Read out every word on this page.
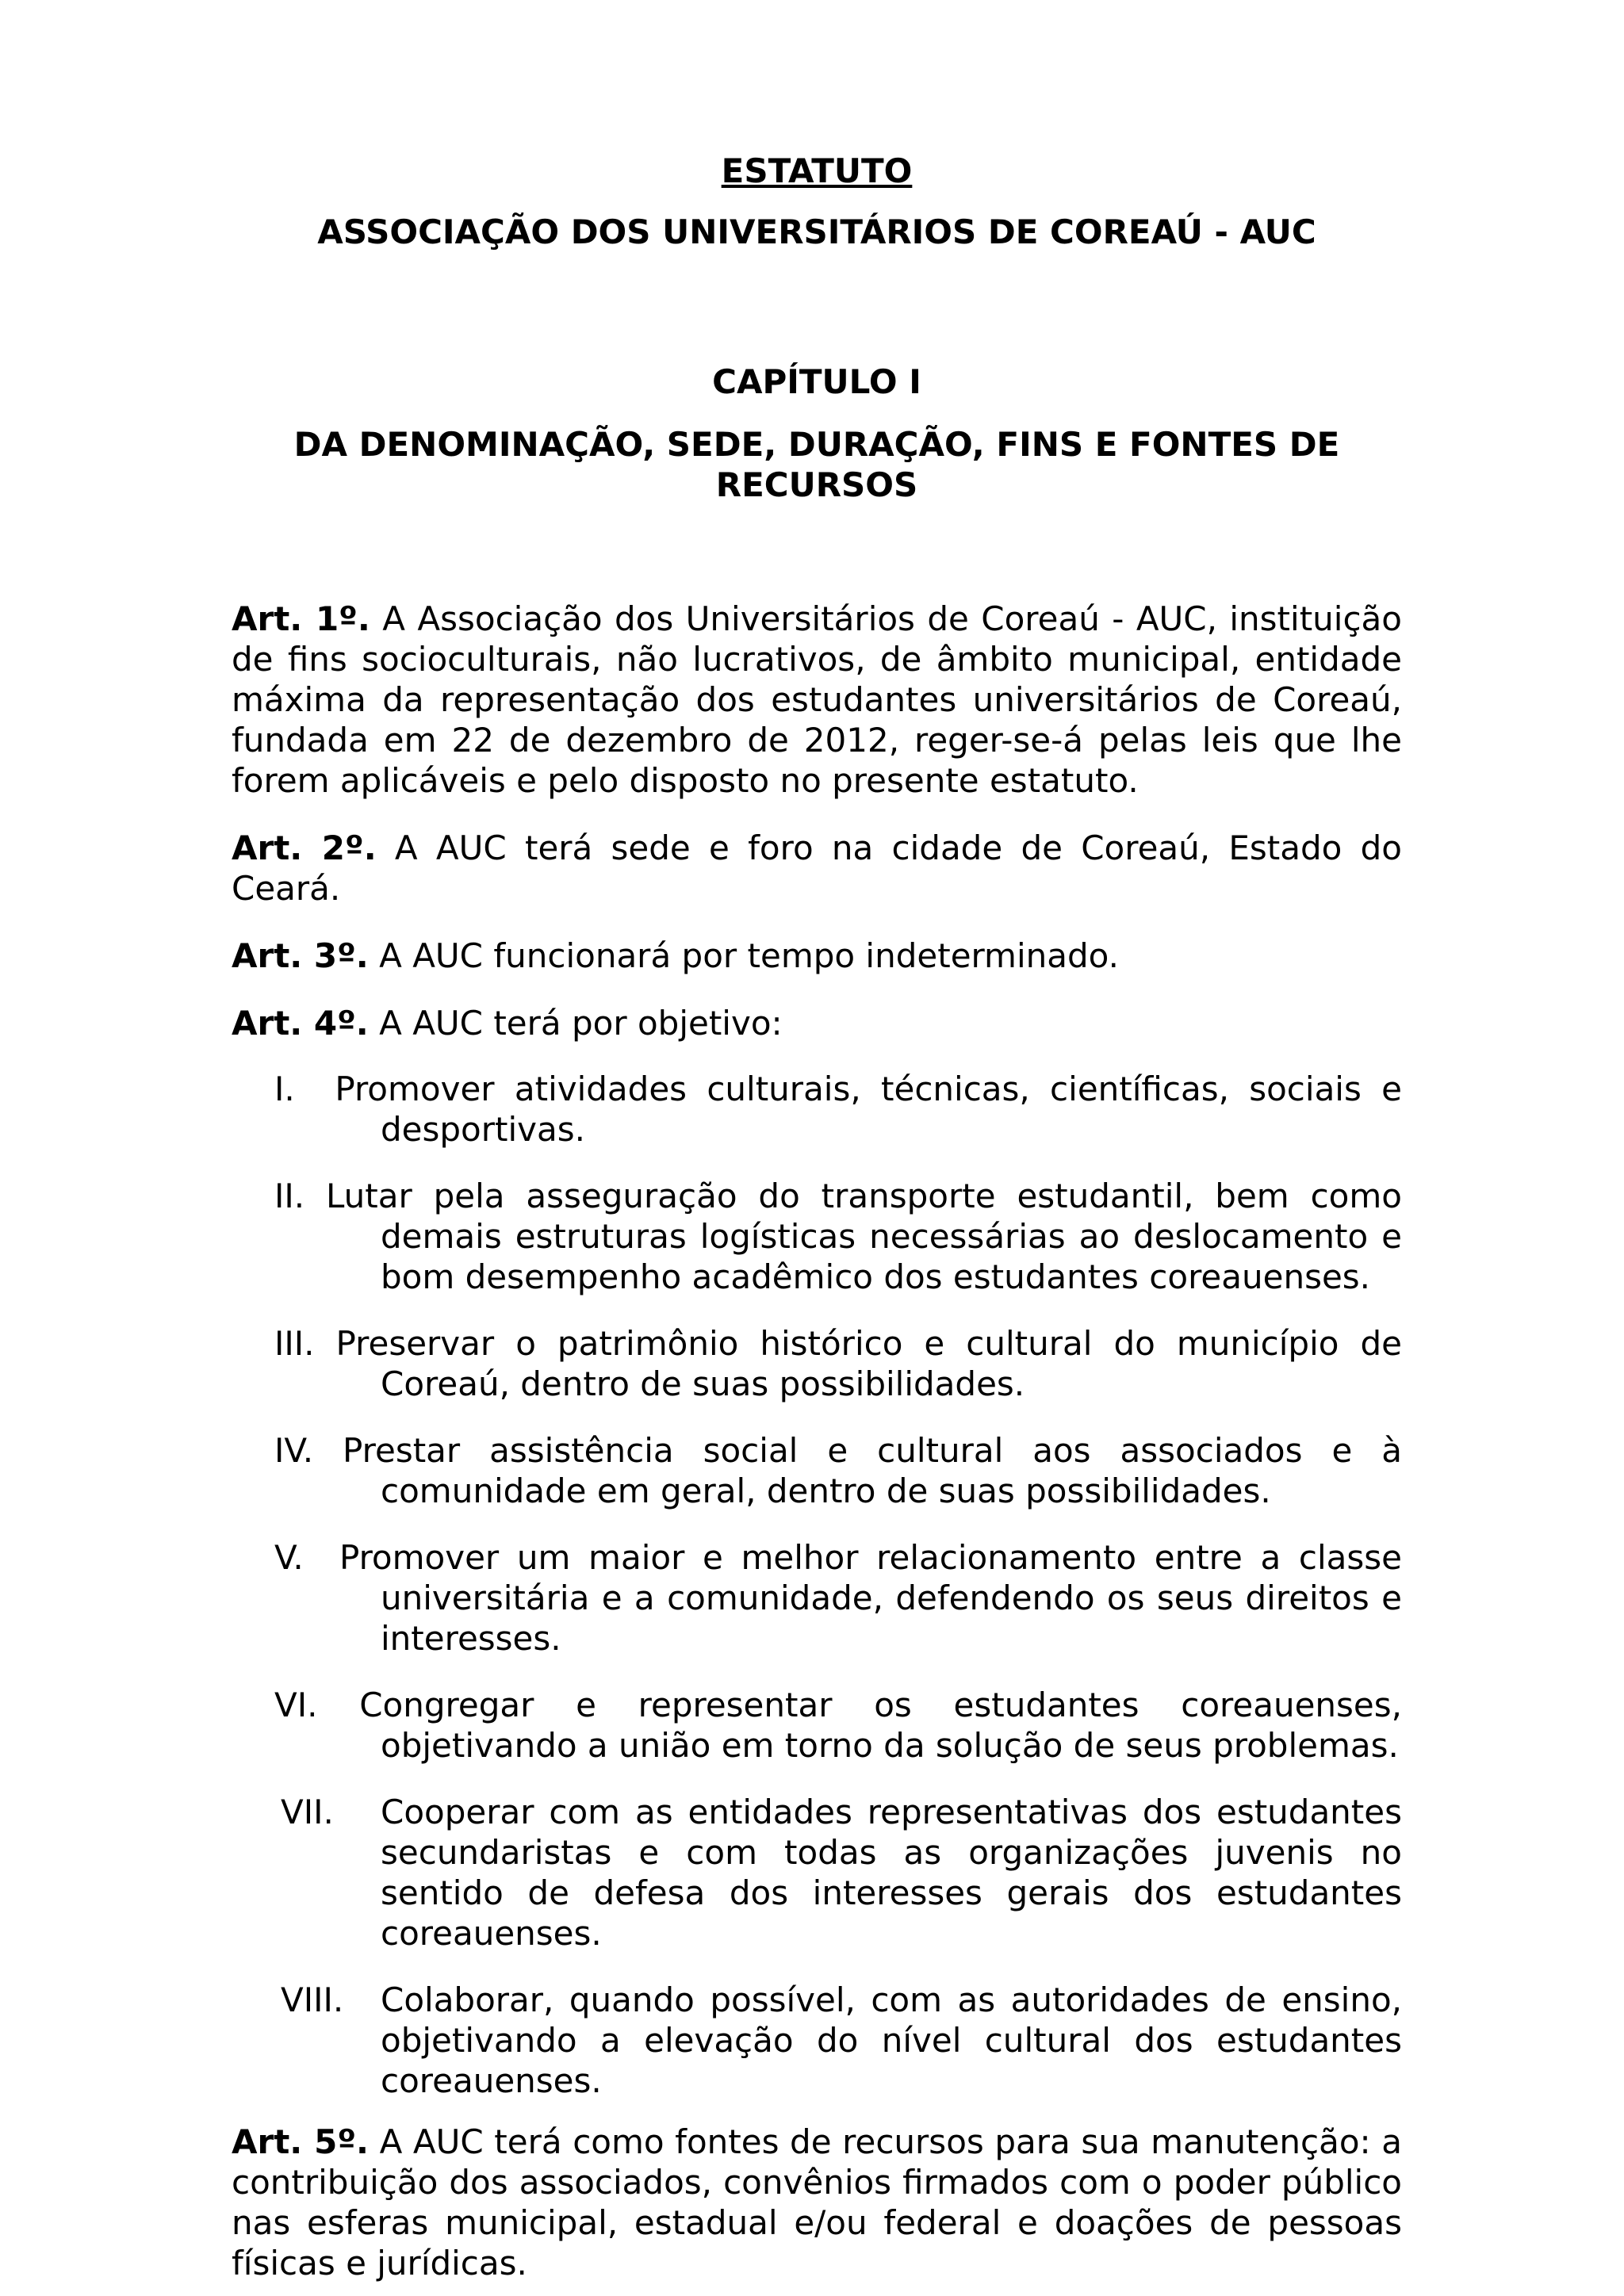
ESTATUTO

ASSOCIAÇÃO DOS UNIVERSITÁRIOS DE COREAÚ - AUC

CAPÍTULO I

DA DENOMINAÇÃO, SEDE, DURAÇÃO, FINS E FONTES DE RECURSOS

Art. 1º. A Associação dos Universitários de Coreaú - AUC, instituição de fins socioculturais, não lucrativos, de âmbito municipal, entidade máxima da representação dos estudantes universitários de Coreaú, fundada em 22 de dezembro de 2012, reger-se-á pelas leis que lhe forem aplicáveis e pelo disposto no presente estatuto.

Art. 2º. A AUC terá sede e foro na cidade de Coreaú, Estado do Ceará.

Art. 3º. A AUC funcionará por tempo indeterminado.

Art. 4º. A AUC terá por objetivo:

I. Promover atividades culturais, técnicas, científicas, sociais e desportivas.
II. Lutar pela asseguração do transporte estudantil, bem como demais estruturas logísticas necessárias ao deslocamento e bom desempenho acadêmico dos estudantes coreauenses.
III. Preservar o patrimônio histórico e cultural do município de Coreaú, dentro de suas possibilidades.
IV. Prestar assistência social e cultural aos associados e à comunidade em geral, dentro de suas possibilidades.
V. Promover um maior e melhor relacionamento entre a classe universitária e a comunidade, defendendo os seus direitos e interesses.
VI. Congregar e representar os estudantes coreauenses, objetivando a união em torno da solução de seus problemas.
VII. Cooperar com as entidades representativas dos estudantes secundaristas e com todas as organizações juvenis no sentido de defesa dos interesses gerais dos estudantes coreauenses.
VIII. Colaborar, quando possível, com as autoridades de ensino, objetivando a elevação do nível cultural dos estudantes coreauenses.

Art. 5º. A AUC terá como fontes de recursos para sua manutenção: a contribuição dos associados, convênios firmados com o poder público nas esferas municipal, estadual e/ou federal e doações de pessoas físicas e jurídicas.
